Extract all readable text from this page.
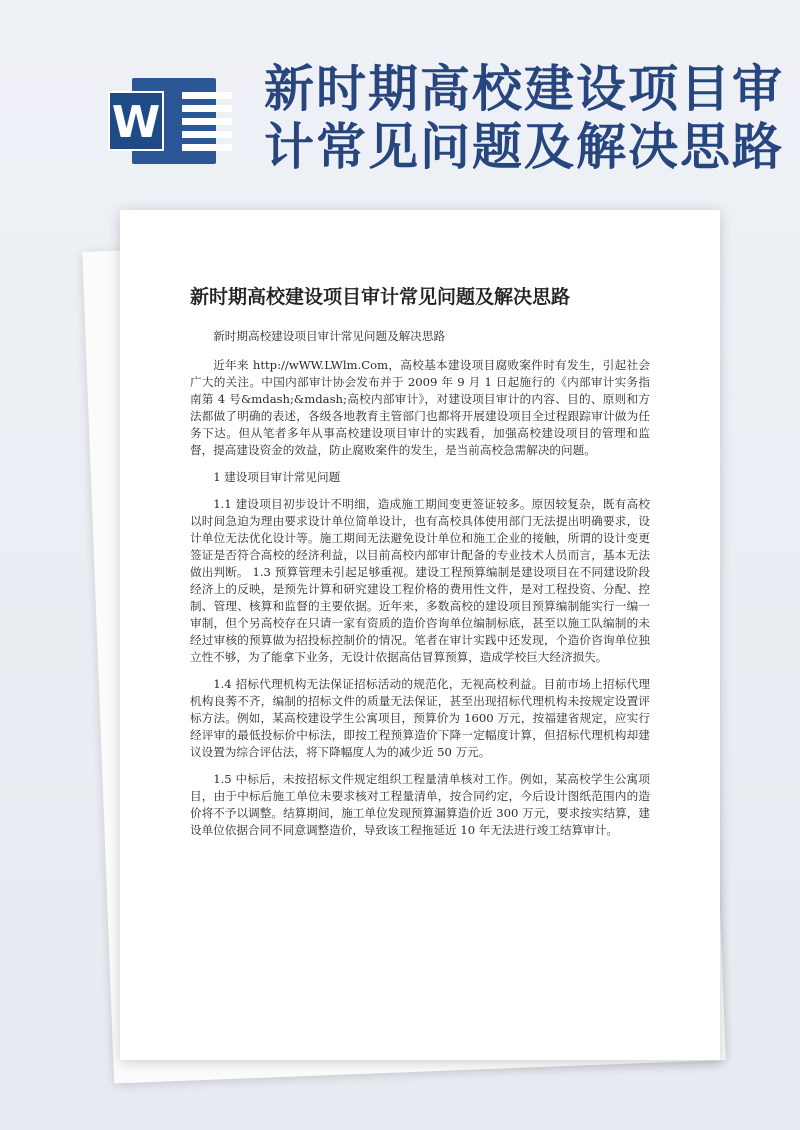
W
新时期高校建设项目审计常见问题及解决思路
新时期高校建设项目审计常见问题及解决思路

新时期高校建设项目审计常见问题及解决思路

近年来 http://wWW.LWlm.Com，高校基本建设项目腐败案件时有发生，引起社会广大的关注。中国内部审计协会发布并于 2009 年 9 月 1 日起施行的《内部审计实务指南第 4 号&mdash;&mdash;高校内部审计》，对建设项目审计的内容、目的、原则和方法都做了明确的表述，各级各地教育主管部门也都将开展建设项目全过程跟踪审计做为任务下达。但从笔者多年从事高校建设项目审计的实践看，加强高校建设项目的管理和监督，提高建设资金的效益，防止腐败案件的发生，是当前高校急需解决的问题。

1 建设项目审计常见问题

1.1 建设项目初步设计不明细，造成施工期间变更签证较多。原因较复杂，既有高校以时间急迫为理由要求设计单位简单设计，也有高校具体使用部门无法提出明确要求，设计单位无法优化设计等。施工期间无法避免设计单位和施工企业的接触，所谓的设计变更签证是否符合高校的经济利益，以目前高校内部审计配备的专业技术人员而言，基本无法做出判断。 1.3 预算管理未引起足够重视。建设工程预算编制是建设项目在不同建设阶段经济上的反映，是预先计算和研究建设工程价格的费用性文件，是对工程投资、分配、控制、管理、核算和监督的主要依据。近年来，多数高校的建设项目预算编制能实行一编一审制，但个另高校存在只请一家有资质的造价咨询单位编制标底，甚至以施工队编制的未经过审核的预算做为招投标控制价的情况。笔者在审计实践中还发现，个造价咨询单位独立性不够，为了能拿下业务，无设计依据高估冒算预算，造成学校巨大经济损失。

1.4 招标代理机构无法保证招标活动的规范化，无视高校利益。目前市场上招标代理机构良莠不齐，编制的招标文件的质量无法保证，甚至出现招标代理机构未按规定设置评标方法。例如，某高校建设学生公寓项目，预算价为 1600 万元，按福建省规定，应实行经评审的最低投标价中标法，即按工程预算造价下降一定幅度计算，但招标代理机构却建议设置为综合评估法，将下降幅度人为的减少近 50 万元。

1.5 中标后，未按招标文件规定组织工程量清单核对工作。例如，某高校学生公寓项目，由于中标后施工单位未要求核对工程量清单，按合同约定，今后设计图纸范围内的造价将不予以调整。结算期间，施工单位发现预算漏算造价近 300 万元，要求按实结算，建设单位依据合同不同意调整造价，导致该工程拖延近 10 年无法进行竣工结算审计。
